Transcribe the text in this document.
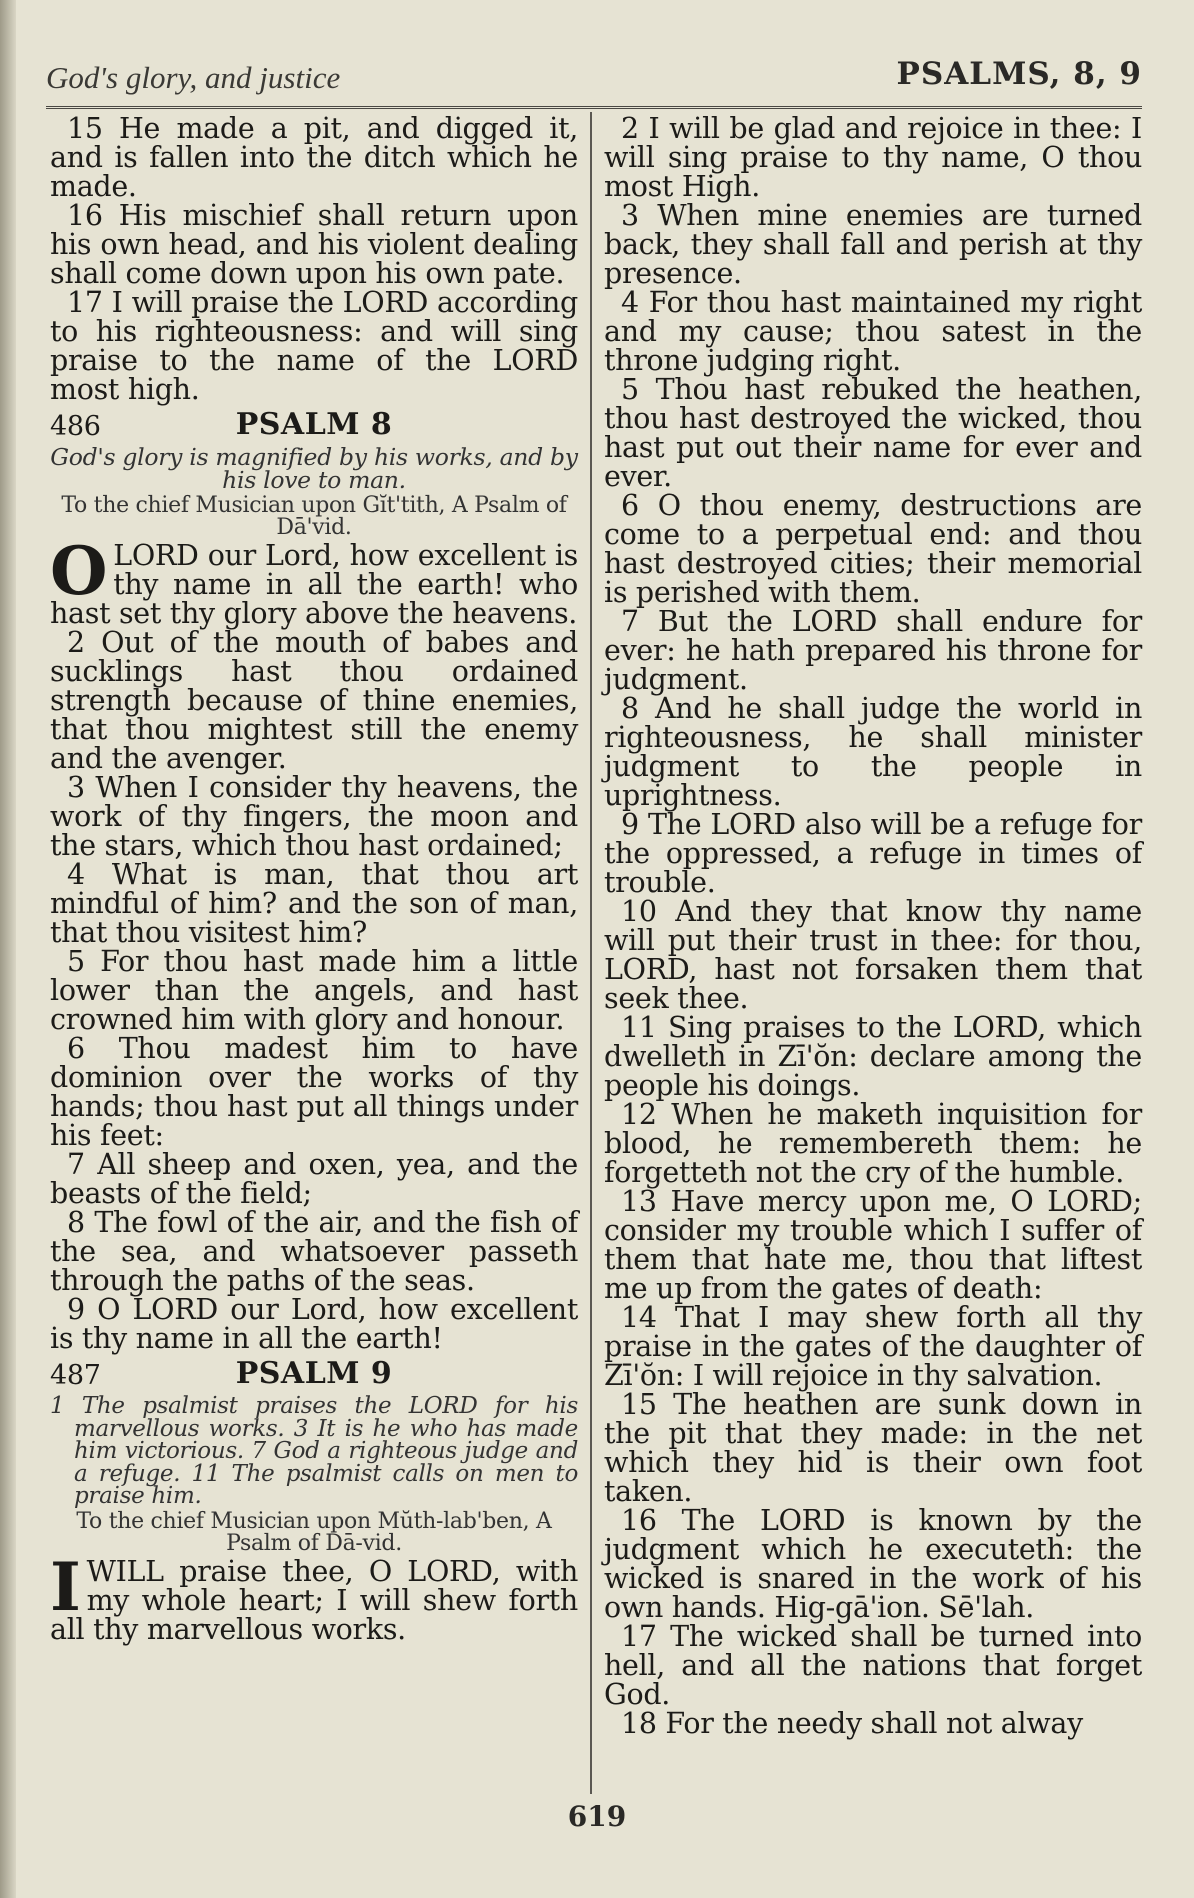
God's glory, and justice	PSALMS, 8, 9

15 He made a pit, and digged it, and is fallen into the ditch which he made.

16 His mischief shall return upon his own head, and his violent dealing shall come down upon his own pate.

17 I will praise the LORD according to his righteousness: and will sing praise to the name of the LORD most high.

486	PSALM 8

God's glory is magnified by his works, and by his love to man.

To the chief Musician upon Gĭt'tith, A Psalm of Dā'vid.

O LORD our Lord, how excellent is thy name in all the earth! who hast set thy glory above the heavens.

2 Out of the mouth of babes and sucklings hast thou ordained strength because of thine enemies, that thou mightest still the enemy and the avenger.

3 When I consider thy heavens, the work of thy fingers, the moon and the stars, which thou hast ordained;

4 What is man, that thou art mindful of him? and the son of man, that thou visitest him?

5 For thou hast made him a little lower than the angels, and hast crowned him with glory and honour.

6 Thou madest him to have dominion over the works of thy hands; thou hast put all things under his feet:

7 All sheep and oxen, yea, and the beasts of the field;

8 The fowl of the air, and the fish of the sea, and whatsoever passeth through the paths of the seas.

9 O LORD our Lord, how excellent is thy name in all the earth!

487	PSALM 9

1 The psalmist praises the LORD for his marvellous works. 3 It is he who has made him victorious. 7 God a righteous judge and a refuge. 11 The psalmist calls on men to praise him.

To the chief Musician upon Mŭth-lab'ben, A Psalm of Dā-vid.

I WILL praise thee, O LORD, with my whole heart; I will shew forth all thy marvellous works.

2 I will be glad and rejoice in thee: I will sing praise to thy name, O thou most High.

3 When mine enemies are turned back, they shall fall and perish at thy presence.

4 For thou hast maintained my right and my cause; thou satest in the throne judging right.

5 Thou hast rebuked the heathen, thou hast destroyed the wicked, thou hast put out their name for ever and ever.

6 O thou enemy, destructions are come to a perpetual end: and thou hast destroyed cities; their memorial is perished with them.

7 But the LORD shall endure for ever: he hath prepared his throne for judgment.

8 And he shall judge the world in righteousness, he shall minister judgment to the people in uprightness.

9 The LORD also will be a refuge for the oppressed, a refuge in times of trouble.

10 And they that know thy name will put their trust in thee: for thou, LORD, hast not forsaken them that seek thee.

11 Sing praises to the LORD, which dwelleth in Zī'ŏn: declare among the people his doings.

12 When he maketh inquisition for blood, he remembereth them: he forgetteth not the cry of the humble.

13 Have mercy upon me, O LORD; consider my trouble which I suffer of them that hate me, thou that liftest me up from the gates of death:

14 That I may shew forth all thy praise in the gates of the daughter of Zī'ŏn: I will rejoice in thy salvation.

15 The heathen are sunk down in the pit that they made: in the net which they hid is their own foot taken.

16 The LORD is known by the judgment which he executeth: the wicked is snared in the work of his own hands. Hig-gā'ion. Sē'lah.

17 The wicked shall be turned into hell, and all the nations that forget God.

18 For the needy shall not alway

619
